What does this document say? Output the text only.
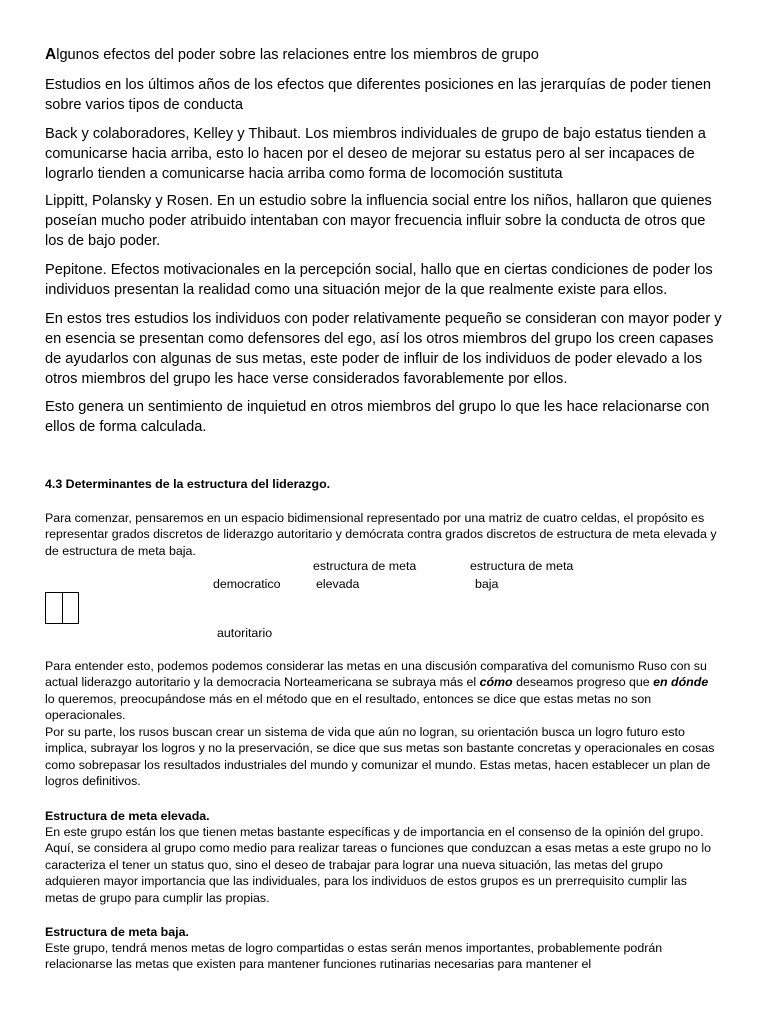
Algunos efectos del poder sobre las relaciones entre los miembros de grupo

Estudios en los últimos años de los efectos que diferentes posiciones en las jerarquías de poder tienen sobre varios tipos de conducta

Back y colaboradores, Kelley y Thibaut. Los miembros individuales de grupo de bajo estatus tienden a comunicarse hacia arriba, esto lo hacen por el deseo de mejorar su estatus pero al ser incapaces de lograrlo tienden a comunicarse hacia arriba como forma de locomoción sustituta

Lippitt, Polansky y Rosen. En un estudio sobre la influencia social entre los niños, hallaron que quienes poseían mucho poder atribuido intentaban con mayor frecuencia influir sobre la conducta de otros que los de bajo poder.

Pepitone. Efectos motivacionales en la percepción social, hallo que en ciertas condiciones de poder los individuos presentan la realidad como una situación mejor de la que realmente existe para ellos.

En estos tres estudios los individuos con poder relativamente pequeño se consideran con mayor poder y en esencia se presentan como defensores del ego, así los otros miembros del grupo los creen capases de ayudarlos con algunas de sus metas, este poder de influir de los individuos de poder elevado a los otros miembros del grupo les hace verse considerados favorablemente por ellos.

Esto genera un sentimiento de inquietud en otros miembros del grupo lo que les hace relacionarse con ellos de forma calculada.

4.3 Determinantes de la estructura del liderazgo.

Para comenzar, pensaremos en un espacio bidimensional representado por una matriz de cuatro celdas, el propósito es representar grados discretos de liderazgo autoritario y demócrata contra grados discretos de estructura de meta elevada y de estructura de meta baja.

estructura de meta	estructura de meta
democratico	elevada	baja
autoritario

Para entender esto, podemos podemos considerar las metas en una discusión comparativa del comunismo Ruso con su actual liderazgo autoritario y la democracia Norteamericana se subraya más el cómo deseamos progreso que en dónde lo queremos, preocupándose más en el método que en el resultado, entonces se dice que estas metas no son operacionales.

Por su parte, los rusos buscan crear un sistema de vida que aún no logran, su orientación busca un logro futuro esto implica, subrayar los logros y no la preservación, se dice que sus metas son bastante concretas y operacionales en cosas como sobrepasar los resultados industriales del mundo y comunizar el mundo. Estas metas, hacen establecer un plan de logros definitivos.

Estructura de meta elevada.

En este grupo están los que tienen metas bastante específicas y de importancia en el consenso de la opinión del grupo. Aquí, se considera al grupo como medio para realizar tareas o funciones que conduzcan a esas metas a este grupo no lo caracteriza el tener un status quo, sino el deseo de trabajar para lograr una nueva situación, las metas del grupo adquieren mayor importancia que las individuales, para los individuos de estos grupos es un prerrequisito cumplir las metas de grupo para cumplir las propias.

Estructura de meta baja.

Este grupo, tendrá menos metas de logro compartidas o estas serán menos importantes, probablemente podrán relacionarse las metas que existen para mantener funciones rutinarias necesarias para mantener el
